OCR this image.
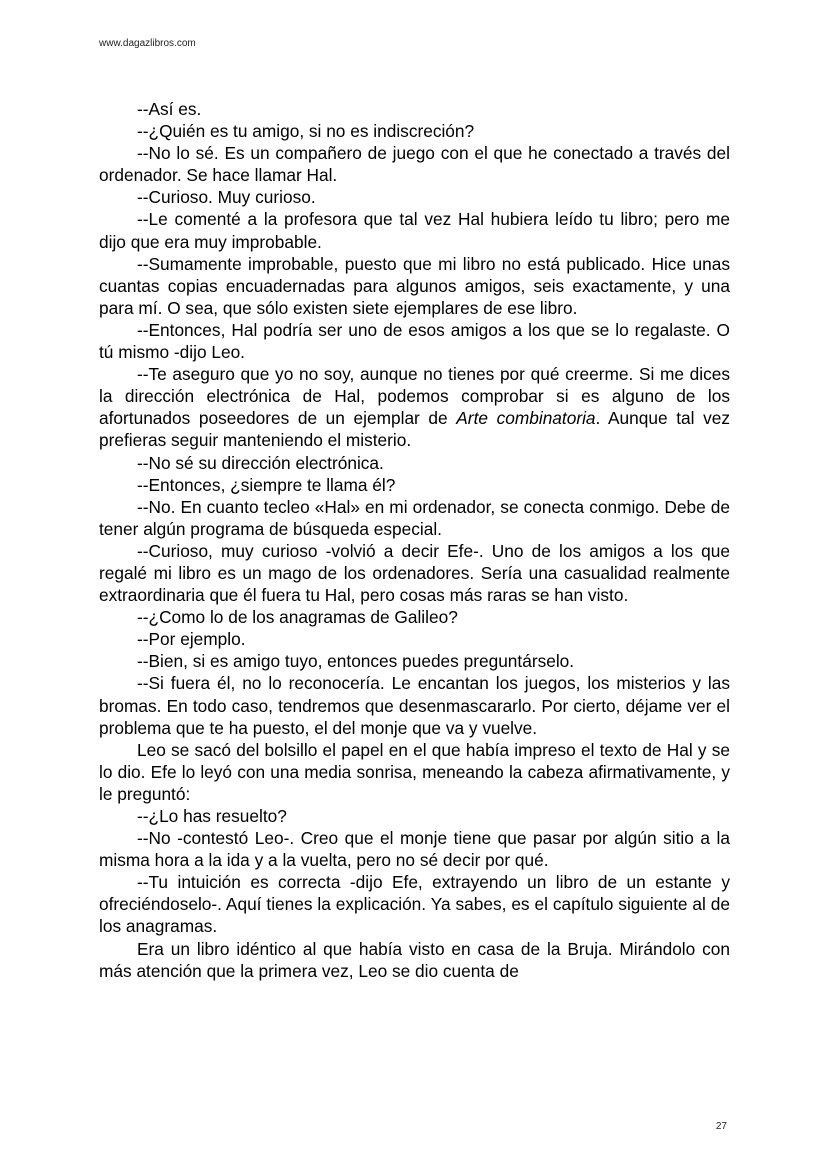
www.dagazlibros.com

--Así es.

--¿Quién es tu amigo, si no es indiscreción?

--No lo sé. Es un compañero de juego con el que he conectado a través del ordenador. Se hace llamar Hal.

--Curioso. Muy curioso.

--Le comenté a la profesora que tal vez Hal hubiera leído tu libro; pero me dijo que era muy improbable.

--Sumamente improbable, puesto que mi libro no está publicado. Hice unas cuantas copias encuadernadas para algunos amigos, seis exactamente, y una para mí. O sea, que sólo existen siete ejemplares de ese libro.

--Entonces, Hal podría ser uno de esos amigos a los que se lo regalaste. O tú mismo -dijo Leo.

--Te aseguro que yo no soy, aunque no tienes por qué creerme. Si me dices la dirección electrónica de Hal, podemos comprobar si es alguno de los afortunados poseedores de un ejemplar de Arte combinatoria. Aunque tal vez prefieras seguir manteniendo el misterio.

--No sé su dirección electrónica.

--Entonces, ¿siempre te llama él?

--No. En cuanto tecleo «Hal» en mi ordenador, se conecta conmigo. Debe de tener algún programa de búsqueda especial.

--Curioso, muy curioso -volvió a decir Efe-. Uno de los amigos a los que regalé mi libro es un mago de los ordenadores. Sería una casualidad realmente extraordinaria que él fuera tu Hal, pero cosas más raras se han visto.

--¿Como lo de los anagramas de Galileo?

--Por ejemplo.

--Bien, si es amigo tuyo, entonces puedes preguntárselo.

--Si fuera él, no lo reconocería. Le encantan los juegos, los misterios y las bromas. En todo caso, tendremos que desenmascararlo. Por cierto, déjame ver el problema que te ha puesto, el del monje que va y vuelve.

Leo se sacó del bolsillo el papel en el que había impreso el texto de Hal y se lo dio. Efe lo leyó con una media sonrisa, meneando la cabeza afirmativamente, y le preguntó:

--¿Lo has resuelto?

--No -contestó Leo-. Creo que el monje tiene que pasar por algún sitio a la misma hora a la ida y a la vuelta, pero no sé decir por qué.

--Tu intuición es correcta -dijo Efe, extrayendo un libro de un estante y ofreciéndoselo-. Aquí tienes la explicación. Ya sabes, es el capítulo siguiente al de los anagramas.

Era un libro idéntico al que había visto en casa de la Bruja. Mirándolo con más atención que la primera vez, Leo se dio cuenta de

27
